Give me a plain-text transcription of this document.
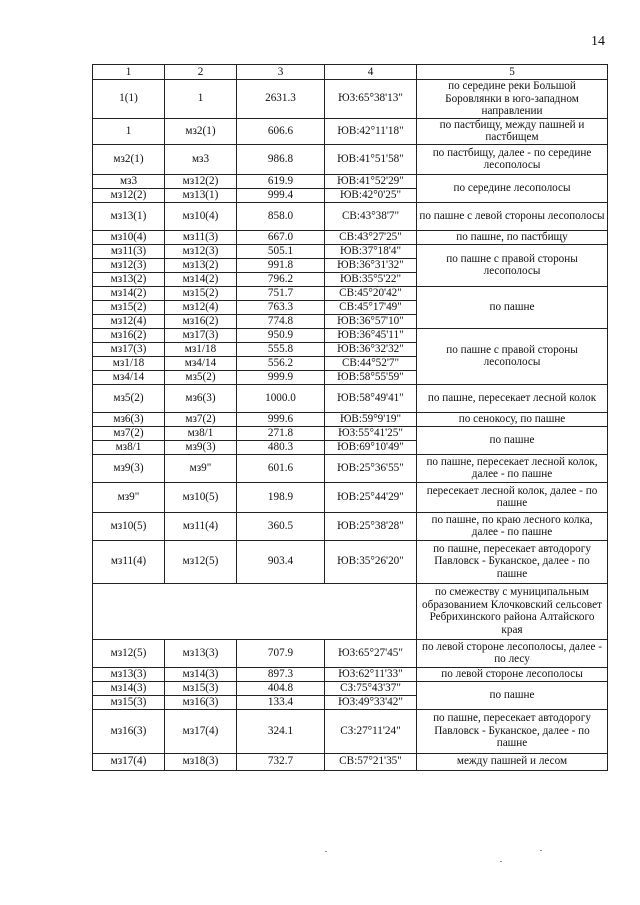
14
1	2	3	4	5
1(1)	1	2631.3	ЮЗ:65°38'13"	по середине реки Большой Боровлянки в юго-западном направлении
1	мз2(1)	606.6	ЮВ:42°11'18"	по пастбищу, между пашней и пастбищем
мз2(1)	мз3	986.8	ЮВ:41°51'58"	по пастбищу, далее - по середине лесополосы
мз3	мз12(2)	619.9	ЮВ:41°52'29"	по середине лесополосы
мз12(2)	мз13(1)	999.4	ЮВ:42°0'25"	
мз13(1)	мз10(4)	858.0	СВ:43°38'7"	по пашне с левой стороны лесополосы
мз10(4)	мз11(3)	667.0	СВ:43°27'25"	по пашне, по пастбищу
мз11(3)	мз12(3)	505.1	ЮВ:37°18'4"	по пашне с правой стороны лесополосы
мз12(3)	мз13(2)	991.8	ЮВ:36°31'32"	
мз13(2)	мз14(2)	796.2	ЮВ:35°5'22"	
мз14(2)	мз15(2)	751.7	СВ:45°20'42"	по пашне
мз15(2)	мз12(4)	763.3	СВ:45°17'49"	
мз12(4)	мз16(2)	774.8	ЮВ:36°57'10"	
мз16(2)	мз17(3)	950.9	ЮВ:36°45'11"	по пашне с правой стороны лесополосы
мз17(3)	мз1/18	555.8	ЮВ:36°32'32"	
мз1/18	мз4/14	556.2	СВ:44°52'7"	
мз4/14	мз5(2)	999.9	ЮВ:58°55'59"	
мз5(2)	мз6(3)	1000.0	ЮВ:58°49'41"	по пашне, пересекает лесной колок
мз6(3)	мз7(2)	999.6	ЮВ:59°9'19"	по сенокосу, по пашне
мз7(2)	мз8/1	271.8	ЮЗ:55°41'25"	по пашне
мз8/1	мз9(3)	480.3	ЮВ:69°10'49"	
мз9(3)	мз9"	601.6	ЮВ:25°36'55"	по пашне, пересекает лесной колок, далее - по пашне
мз9"	мз10(5)	198.9	ЮВ:25°44'29"	пересекает лесной колок, далее - по пашне
мз10(5)	мз11(4)	360.5	ЮВ:25°38'28"	по пашне, по краю лесного колка, далее - по пашне
мз11(4)	мз12(5)	903.4	ЮВ:35°26'20"	по пашне, пересекает автодорогу Павловск - Буканское, далее - по пашне
				по смежеству с муниципальным образованием Клочковский сельсовет Ребрихинского района Алтайского края
мз12(5)	мз13(3)	707.9	ЮЗ:65°27'45"	по левой стороне лесополосы, далее - по лесу
мз13(3)	мз14(3)	897.3	ЮЗ:62°11'33"	по левой стороне лесополосы
мз14(3)	мз15(3)	404.8	СЗ:75°43'37"	по пашне
мз15(3)	мз16(3)	133.4	ЮЗ:49°33'42"	
мз16(3)	мз17(4)	324.1	СЗ:27°11'24"	по пашне, пересекает автодорогу Павловск - Буканское, далее - по пашне
мз17(4)	мз18(3)	732.7	СВ:57°21'35"	между пашней и лесом
